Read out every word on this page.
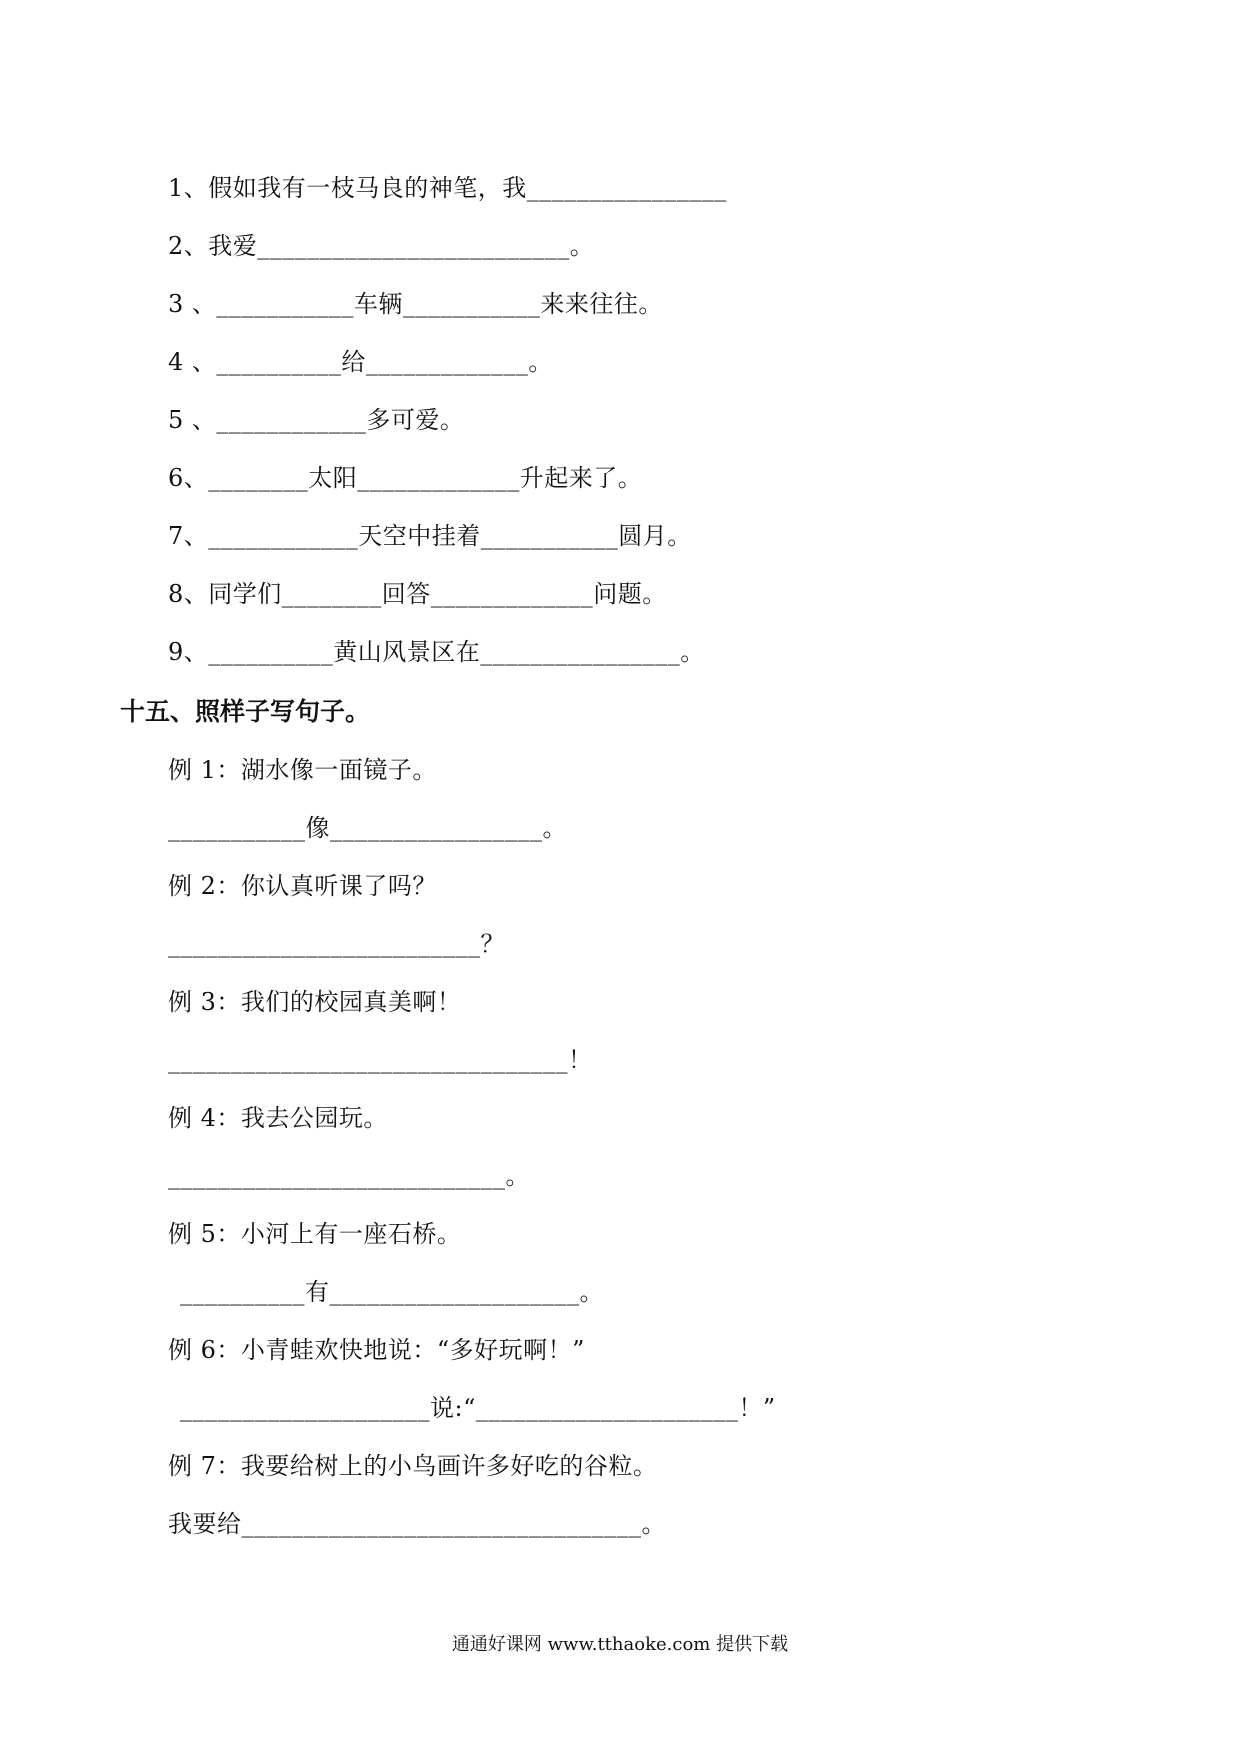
1、假如我有一枝马良的神笔，我________________
2、我爱_________________________。
3 、___________车辆___________来来往往。
4 、__________给_____________。
5 、____________多可爱。
6、________太阳_____________升起来了。
7、____________天空中挂着___________圆月。
8、同学们________回答_____________问题。
9、__________黄山风景区在________________。
十五、照样子写句子。
例 1：湖水像一面镜子。
___________像_________________。
例 2：你认真听课了吗？
_________________________？
例 3：我们的校园真美啊！
________________________________！
例 4：我去公园玩。
___________________________。
例 5：小河上有一座石桥。
__________有____________________。
例 6：小青蛙欢快地说：“多好玩啊！”
____________________说:“_____________________！”
例 7：我要给树上的小鸟画许多好吃的谷粒。
我要给________________________________。
通通好课网 www.tthaoke.com 提供下载
